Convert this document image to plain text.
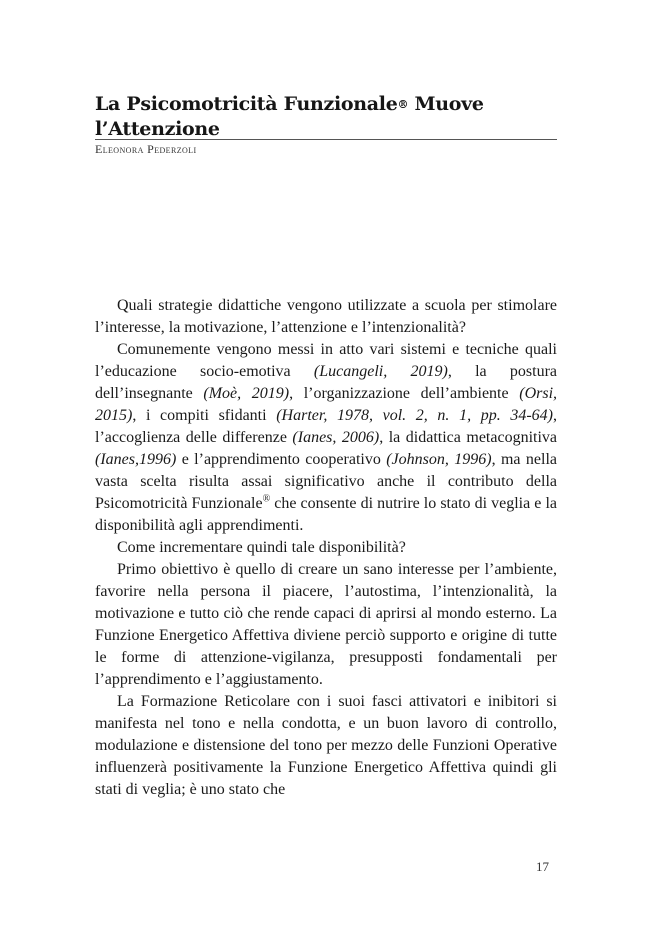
La Psicomotricità Funzionale® Muove
l’Attenzione
Eleonora Pederzoli

Quali strategie didattiche vengono utilizzate a scuola per stimolare l’interesse, la motivazione, l’attenzione e l’intenzionalità?

Comunemente vengono messi in atto vari sistemi e tecniche quali l’educazione socio-emotiva (Lucangeli, 2019), la postura dell’insegnante (Moè, 2019), l’organizzazione dell’ambiente (Orsi, 2015), i compiti sfidanti (Harter, 1978, vol. 2, n. 1, pp. 34-64), l’accoglienza delle differenze (Ianes, 2006), la didattica metacognitiva (Ianes,1996) e l’apprendimento cooperativo (Johnson, 1996), ma nella vasta scelta risulta assai significativo anche il contributo della Psicomotricità Funzionale® che consente di nutrire lo stato di veglia e la disponibilità agli apprendimenti.

Come incrementare quindi tale disponibilità?

Primo obiettivo è quello di creare un sano interesse per l’ambiente, favorire nella persona il piacere, l’autostima, l’intenzionalità, la motivazione e tutto ciò che rende capaci di aprirsi al mondo esterno. La Funzione Energetico Affettiva diviene perciò supporto e origine di tutte le forme di attenzione-vigilanza, presupposti fondamentali per l’apprendimento e l’aggiustamento.

La Formazione Reticolare con i suoi fasci attivatori e inibitori si manifesta nel tono e nella condotta, e un buon lavoro di controllo, modulazione e distensione del tono per mezzo delle Funzioni Operative influenzerà positivamente la Funzione Energetico Affettiva quindi gli stati di veglia; è uno stato che

17
